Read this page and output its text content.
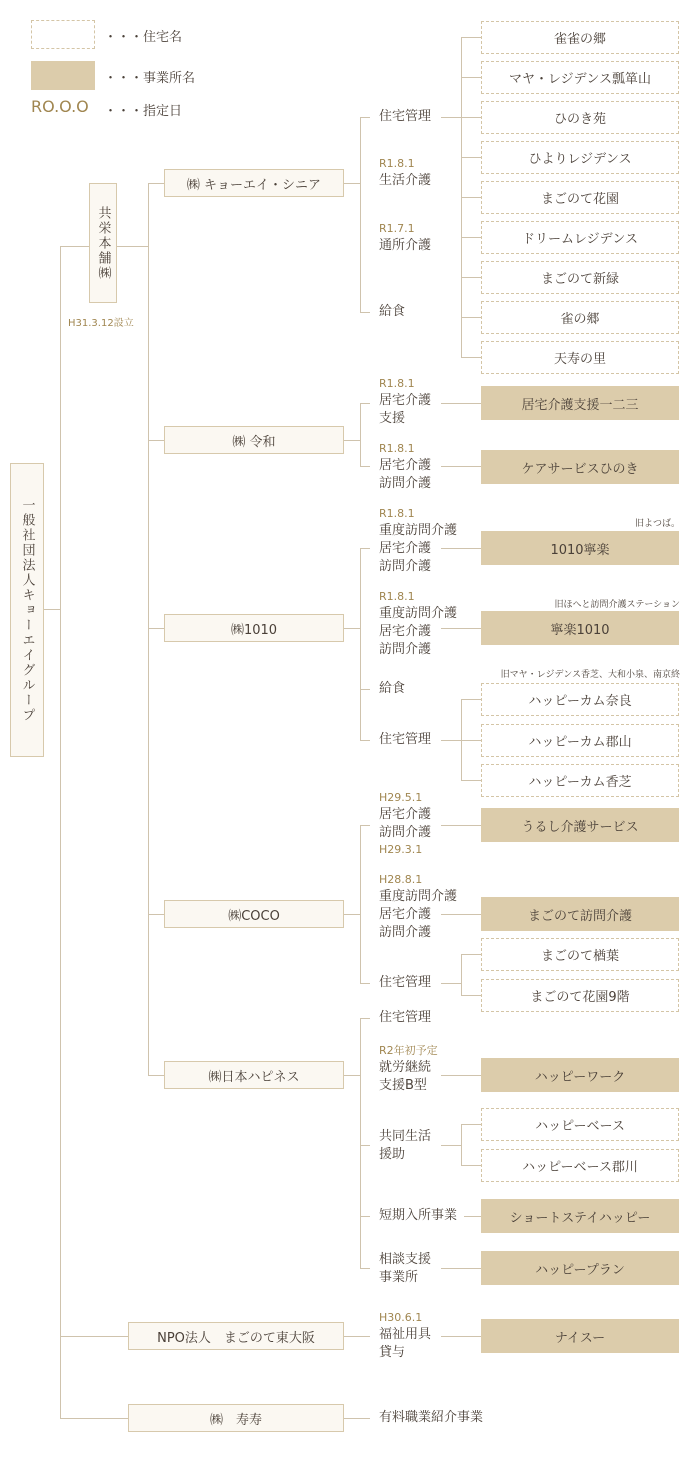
・・・住宅名
・・・事業所名
RO.O.O ・・・指定日
一般社団法人キョーエイグループ
共栄本舗㈱
H31.3.12設立
㈱ キョーエイ・シニア
㈱ 令和
㈱1010
㈱COCO
㈱日本ハピネス
NPO法人　まごのて東大阪
㈱　寿寿
住宅管理
R1.8.1
生活介護
R1.7.1
通所介護
給食
雀雀の郷
マヤ・レジデンス瓢箪山
ひのき苑
ひよりレジデンス
まごのて花園
ドリームレジデンス
まごのて新緑
雀の郷
天寿の里
R1.8.1
居宅介護
支援
R1.8.1
居宅介護
訪問介護
居宅介護支援一二三
ケアサービスひのき
R1.8.1
重度訪問介護
居宅介護
訪問介護
R1.8.1
重度訪問介護
居宅介護
訪問介護
給食
住宅管理
旧よつば。
1010寧楽
旧ほへと訪問介護ステーション
寧楽1010
旧マヤ・レジデンス香芝、大和小泉、南京終
ハッピーカム奈良
ハッピーカム郡山
ハッピーカム香芝
H29.5.1
居宅介護
訪問介護
H29.3.1
H28.8.1
重度訪問介護
居宅介護
訪問介護
住宅管理
うるし介護サービス
まごのて訪問介護
まごのて楢葉
まごのて花園9階
住宅管理
R2年初予定
就労継続
支援B型
共同生活
援助
短期入所事業
相談支援
事業所
ハッピーワーク
ハッピーベース
ハッピーベース郡川
ショートステイハッピー
ハッピープラン
H30.6.1
福祉用具
貸与
ナイスー
有料職業紹介事業
